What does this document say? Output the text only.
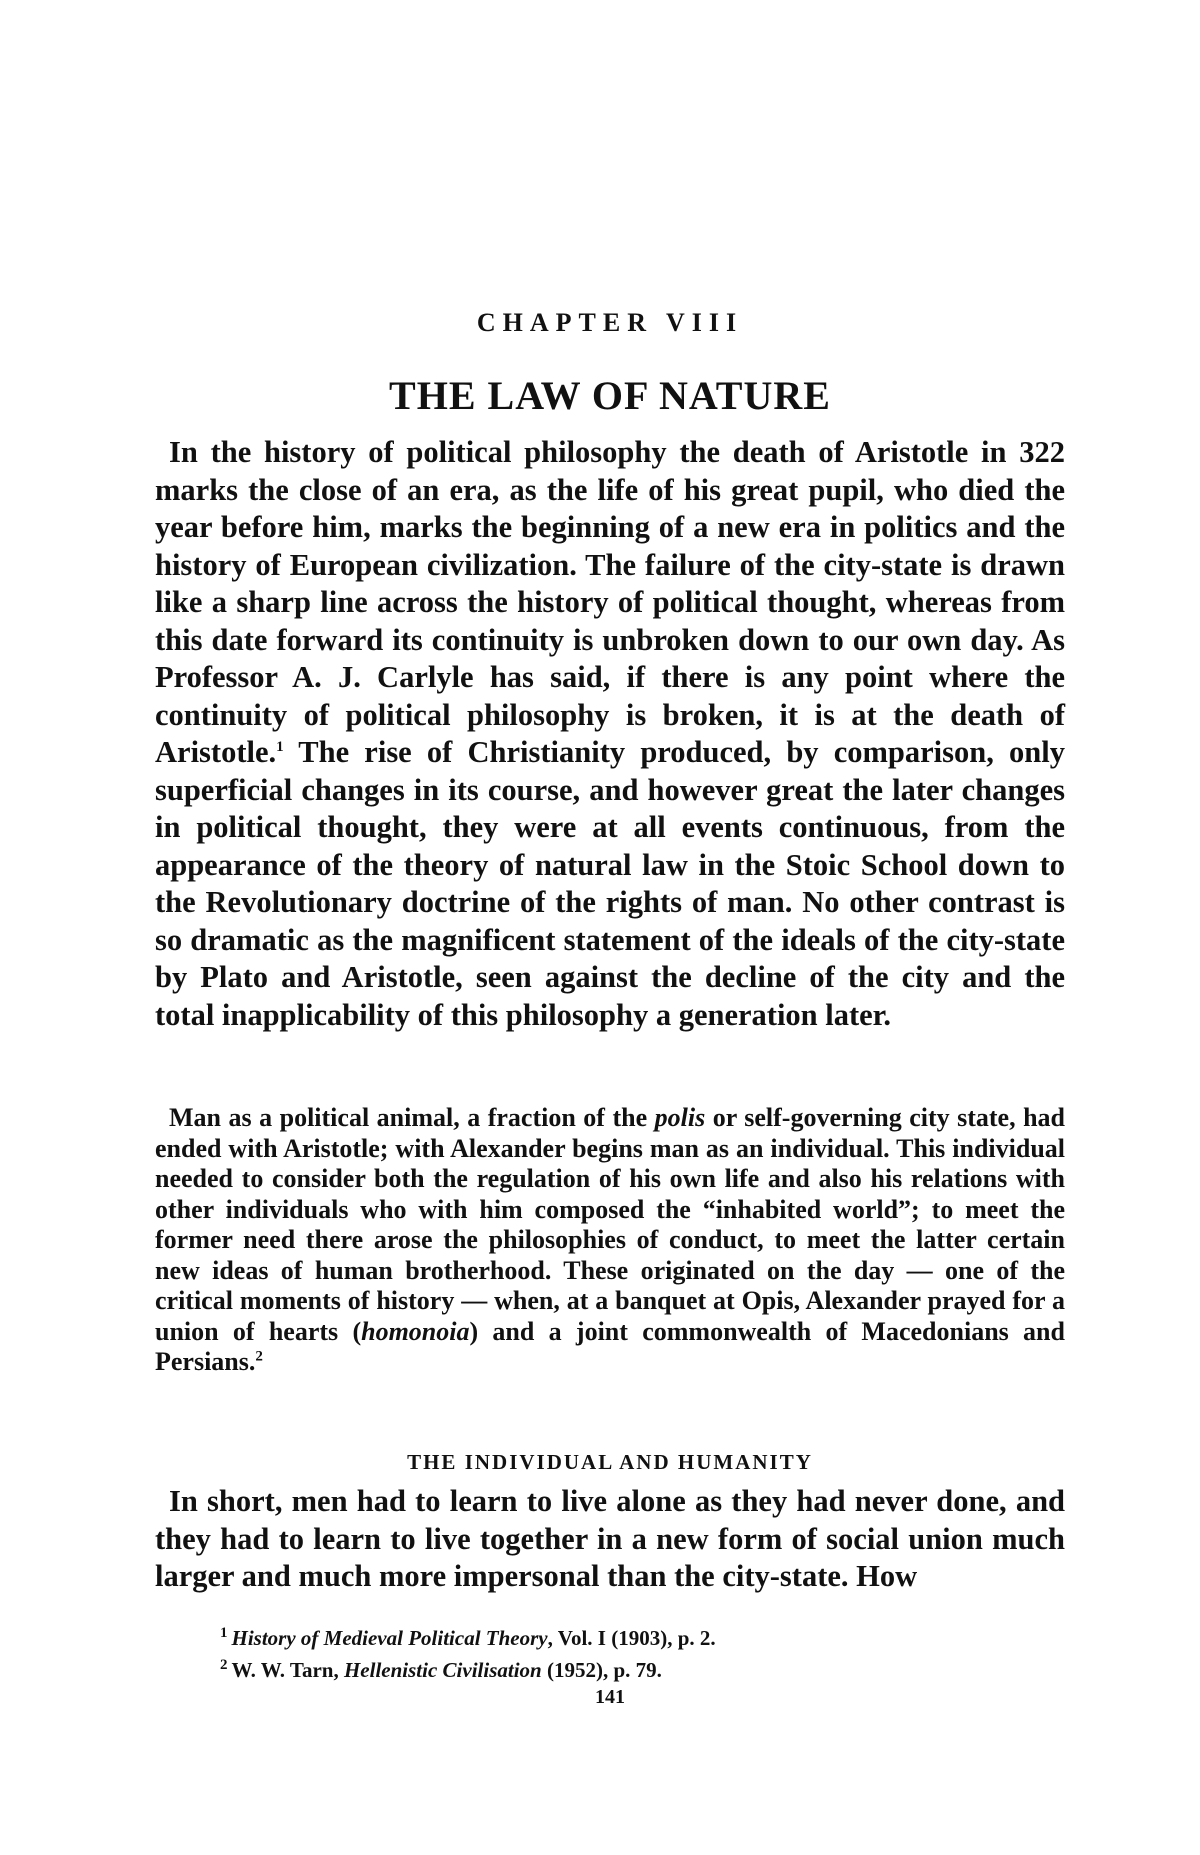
CHAPTER VIII
THE LAW OF NATURE
In the history of political philosophy the death of Aristotle in 322 marks the close of an era, as the life of his great pupil, who died the year before him, marks the beginning of a new era in politics and the history of European civilization. The failure of the city-state is drawn like a sharp line across the history of political thought, whereas from this date forward its continuity is unbroken down to our own day. As Professor A. J. Carlyle has said, if there is any point where the continuity of political philosophy is broken, it is at the death of Aristotle.$^1$ The rise of Christianity produced, by comparison, only superficial changes in its course, and however great the later changes in political thought, they were at all events continuous, from the appearance of the theory of natural law in the Stoic School down to the Revolutionary doctrine of the rights of man. No other contrast is so dramatic as the magnificent statement of the ideals of the city-state by Plato and Aristotle, seen against the decline of the city and the total inapplicability of this philosophy a generation later.
Man as a political animal, a fraction of the polis or self-governing city state, had ended with Aristotle; with Alexander begins man as an individual. This individual needed to consider both the regulation of his own life and also his relations with other individuals who with him composed the “inhabited world”; to meet the former need there arose the philosophies of conduct, to meet the latter certain new ideas of human brotherhood. These originated on the day — one of the critical moments of history — when, at a banquet at Opis, Alexander prayed for a union of hearts (homonoia) and a joint commonwealth of Macedonians and Persians.$^2$
THE INDIVIDUAL AND HUMANITY
In short, men had to learn to live alone as they had never done, and they had to learn to live together in a new form of social union much larger and much more impersonal than the city-state. How
$^1$ History of Medieval Political Theory, Vol. I (1903), p. 2.
$^2$ W. W. Tarn, Hellenistic Civilisation (1952), p. 79.
141
